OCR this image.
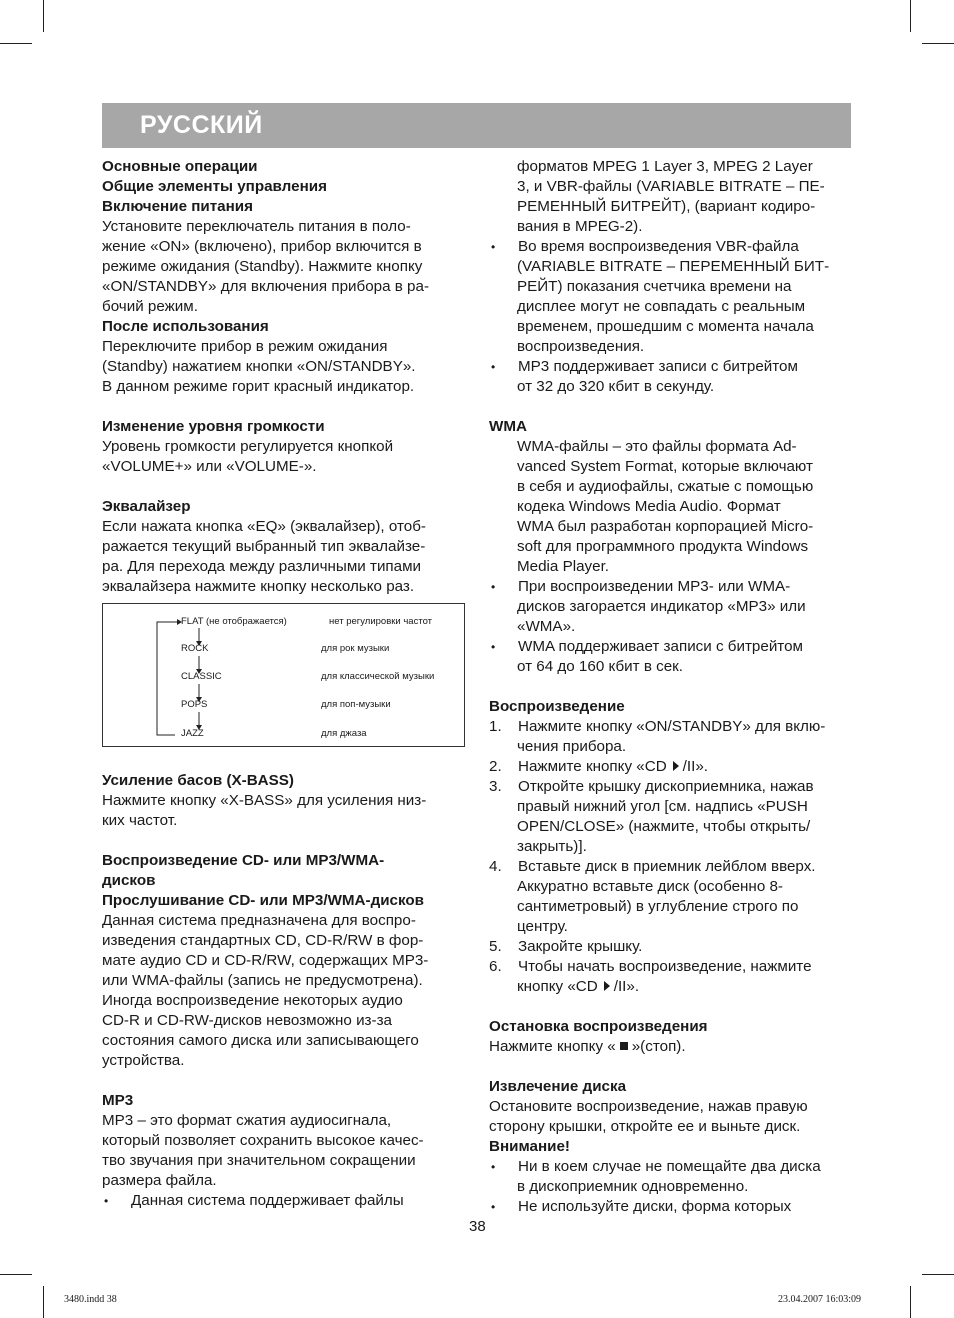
РУССКИЙ
Основные операции
Общие элементы управления
Включение питания
Установите переключатель питания в поло-
жение «ON» (включено), прибор включится в
режиме ожидания (Standby). Нажмите кнопку
«ON/STANDBY» для включения прибора в ра-
бочий режим.
После использования
Переключите прибор в режим ожидания
(Standby) нажатием кнопки «ON/STANDBY».
В данном режиме горит красный индикатор.
Изменение уровня громкости
Уровень громкости регулируется кнопкой
«VOLUME+» или «VOLUME-».
Эквалайзер
Если нажата кнопка «EQ» (эквалайзер), отоб-
ражается текущий выбранный тип эквалайзе-
ра. Для перехода между различными типами
эквалайзера нажмите кнопку несколько раз.
FLAT (не отображается)	нет регулировки частот
ROCK	для рок музыки
CLASSIC	для классической музыки
POPS	для поп-музыки
JAZZ	для джаза
Усиление басов (X-BASS)
Нажмите кнопку «X-BASS» для усиления низ-
ких частот.
Воспроизведение CD- или MP3/WMA-
дисков
Прослушивание CD- или MP3/WMA-дисков
Данная система предназначена для воспро-
изведения стандартных CD, CD-R/RW в фор-
мате аудио CD и CD-R/RW, содержащих MP3-
или WMA-файлы (запись не предусмотрена).
Иногда воспроизведение некоторых аудио
CD-R и CD-RW-дисков невозможно из-за
состояния самого диска или записывающего
устройства.
MP3
MP3 – это формат сжатия аудиосигнала,
который позволяет сохранить высокое качес-
тво звучания при значительном сокращении
размера файла.
• Данная система поддерживает файлы
форматов MPEG 1 Layer 3, MPEG 2 Layer
3, и VBR-файлы (VARIABLE BITRATE – ПЕ-
РЕМЕННЫЙ БИТРЕЙТ), (вариант кодиро-
вания в MPEG-2).
• Во время воспроизведения VBR-файла
(VARIABLE BITRATE – ПЕРЕМЕННЫЙ БИТ-
РЕЙТ) показания счетчика времени на
дисплее могут не совпадать с реальным
временем, прошедшим с момента начала
воспроизведения.
• MP3 поддерживает записи с битрейтом
от 32 до 320 кбит в секунду.
WMA
WMA-файлы – это файлы формата Ad-
vanced System Format, которые включают
в себя и аудиофайлы, сжатые с помощью
кодека Windows Media Audio. Формат
WMA был разработан корпорацией Micro-
soft для программного продукта Windows
Media Player.
• При воспроизведении MP3- или WMA-
дисков загорается индикатор «MP3» или
«WMA».
• WMA поддерживает записи с битрейтом
от 64 до 160 кбит в сек.
Воспроизведение
1. Нажмите кнопку «ON/STANDBY» для вклю-
чения прибора.
2. Нажмите кнопку «CD /II».
3. Откройте крышку дископриемника, нажав
правый нижний угол [см. надпись «PUSH
OPEN/CLOSE» (нажмите, чтобы открыть/
закрыть)].
4. Вставьте диск в приемник лейблом вверх.
Аккуратно вставьте диск (особенно 8-
сантиметровый) в углубление строго по
центру.
5. Закройте крышку.
6. Чтобы начать воспроизведение, нажмите
кнопку «CD /II».
Остановка воспроизведения
Нажмите кнопку « »(стоп).
Извлечение диска
Остановите воспроизведение, нажав правую
сторону крышки, откройте ее и выньте диск.
Внимание!
• Ни в коем случае не помещайте два диска
в дископриемник одновременно.
• Не используйте диски, форма которых
38
3480.indd 38	23.04.2007 16:03:09
